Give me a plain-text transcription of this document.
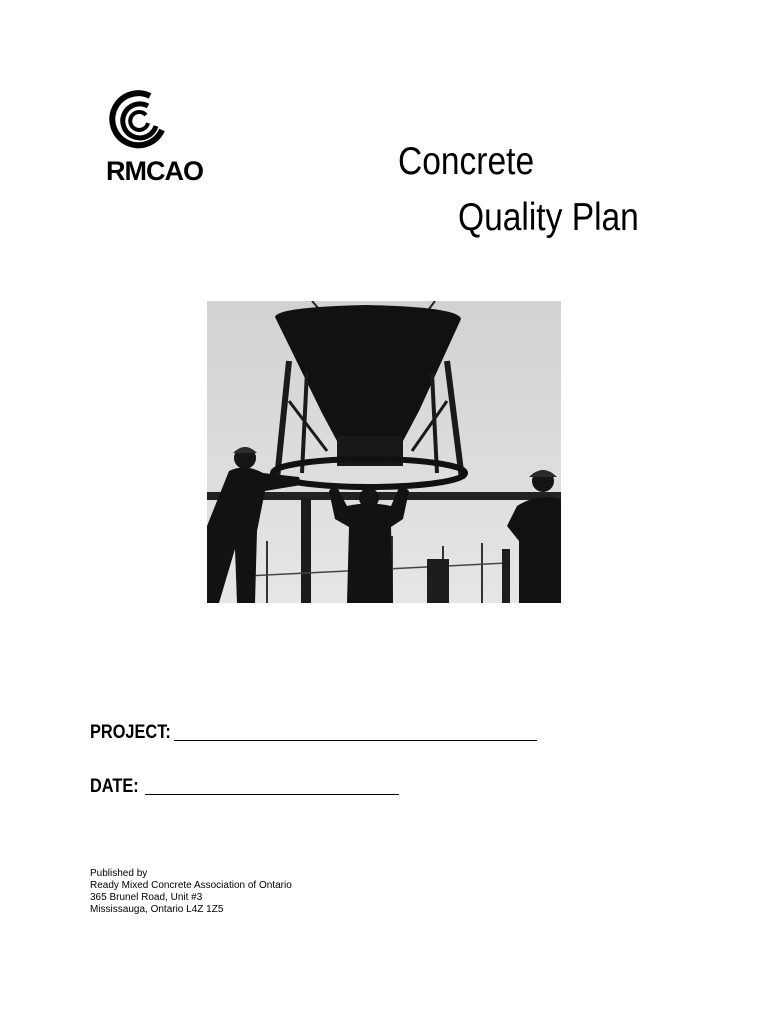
RMCAO	Concrete
Quality Plan
PROJECT:
DATE:
Published by
Ready Mixed Concrete Association of Ontario
365 Brunel Road, Unit #3
Mississauga, Ontario L4Z 1Z5
